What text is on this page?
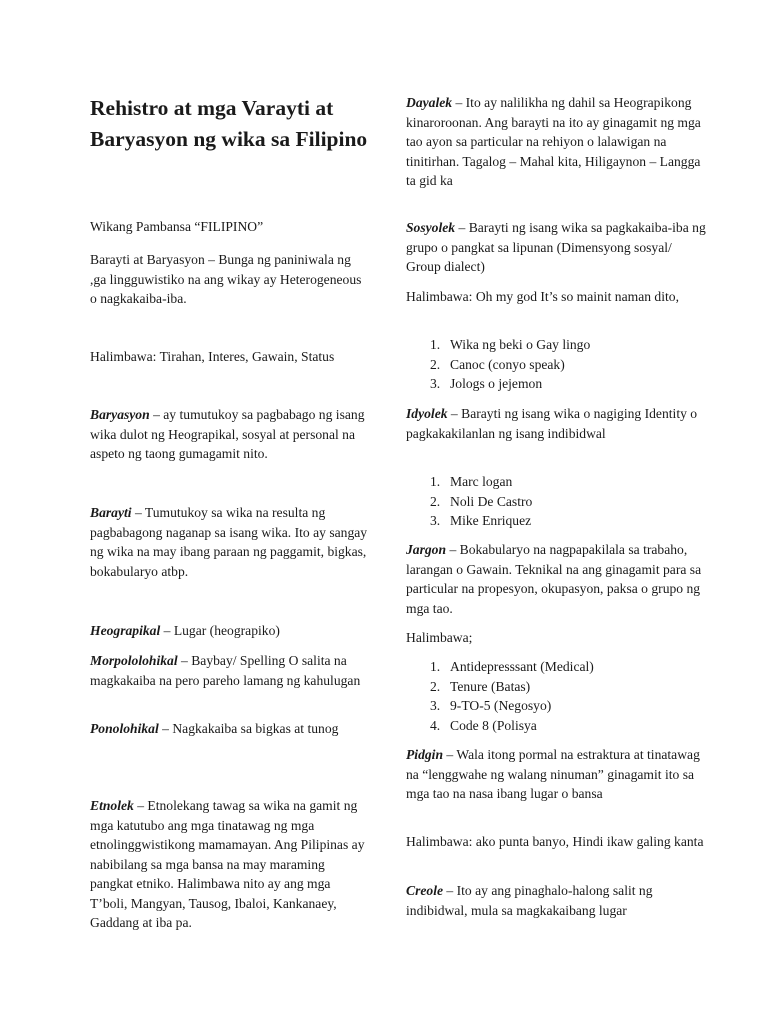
Rehistro at mga Varayti at Baryasyon ng wika sa Filipino

Wikang Pambansa “FILIPINO”

Barayti at Baryasyon – Bunga ng paniniwala ng ,ga lingguwistiko na ang wikay ay Heterogeneous o nagkakaiba-iba.

Halimbawa: Tirahan, Interes, Gawain, Status

Baryasyon – ay tumutukoy sa pagbabago ng isang wika dulot ng Heograpikal, sosyal at personal na aspeto ng taong gumagamit nito.

Barayti – Tumutukoy sa wika na resulta ng pagbabagong naganap sa isang wika. Ito ay sangay ng wika na may ibang paraan ng paggamit, bigkas, bokabularyo atbp.

Heograpikal – Lugar (heograpiko)

Morpololohikal – Baybay/ Spelling O salita na magkakaiba na pero pareho lamang ng kahulugan

Ponolohikal – Nagkakaiba sa bigkas at tunog

Etnolek – Etnolekang tawag sa wika na gamit ng mga katutubo ang mga tinatawag ng mga etnolinggwistikong mamamayan. Ang Pilipinas ay nabibilang sa mga bansa na may maraming pangkat etniko. Halimbawa nito ay ang mga T’boli, Mangyan, Tausog, Ibaloi, Kankanaey, Gaddang at iba pa.

Dayalek – Ito ay nalilikha ng dahil sa Heograpikong kinaroroonan. Ang barayti na ito ay ginagamit ng mga tao ayon sa particular na rehiyon o lalawigan na tinitirhan. Tagalog – Mahal kita, Hiligaynon – Langga ta gid ka

Sosyolek – Barayti ng isang wika sa pagkakaiba-iba ng grupo o pangkat sa lipunan (Dimensyong sosyal/ Group dialect)

Halimbawa: Oh my god It’s so mainit naman dito,

1. Wika ng beki o Gay lingo
2. Canoc (conyo speak)
3. Jologs o jejemon

Idyolek – Barayti ng isang wika o nagiging Identity o pagkakakilanlan ng isang indibidwal

1. Marc logan
2. Noli De Castro
3. Mike Enriquez

Jargon – Bokabularyo na nagpapakilala sa trabaho, larangan o Gawain. Teknikal na ang ginagamit para sa particular na propesyon, okupasyon, paksa o grupo ng mga tao.

Halimbawa;

1. Antidepresssant (Medical)
2. Tenure (Batas)
3. 9-TO-5 (Negosyo)
4. Code 8 (Polisya

Pidgin – Wala itong pormal na estraktura at tinatawag na “lenggwahe ng walang ninuman” ginagamit ito sa mga tao na nasa ibang lugar o bansa

Halimbawa: ako punta banyo, Hindi ikaw galing kanta

Creole – Ito ay ang pinaghalo-halong salit ng indibidwal, mula sa magkakaibang lugar
